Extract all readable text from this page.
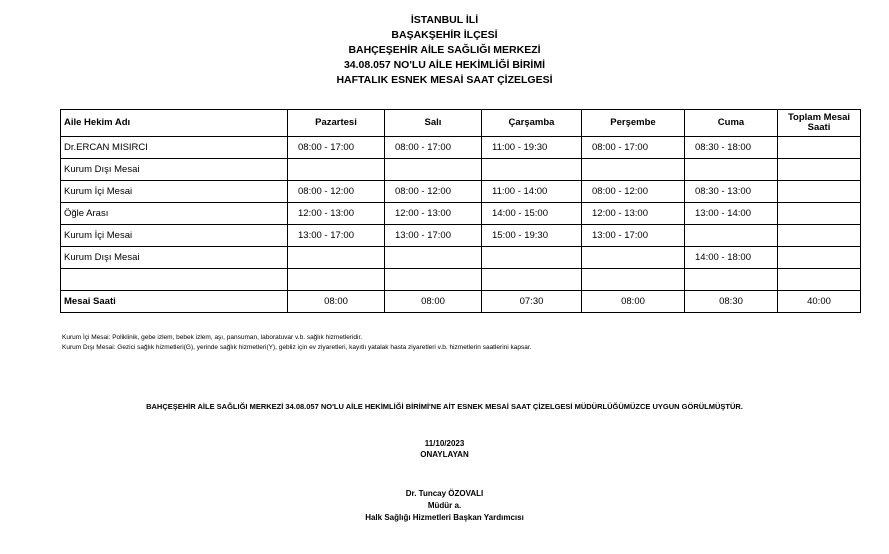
İSTANBUL İLİ
BAŞAKŞEHİR İLÇESİ
BAHÇEŞEHİR AİLE SAĞLIĞI MERKEZİ
34.08.057 NO'LU AİLE HEKİMLİĞİ BİRİMİ
HAFTALIK ESNEK MESAİ SAAT ÇİZELGESİ
Aile Hekim Adı	Pazartesi	Salı	Çarşamba	Perşembe	Cuma	Toplam Mesai Saati
Dr.ERCAN MISIRCI	08:00 - 17:00	08:00 - 17:00	11:00 - 19:30	08:00 - 17:00	08:30 - 18:00	
Kurum Dışı Mesai						
Kurum İçi Mesai	08:00 - 12:00	08:00 - 12:00	11:00 - 14:00	08:00 - 12:00	08:30 - 13:00	
Öğle Arası	12:00 - 13:00	12:00 - 13:00	14:00 - 15:00	12:00 - 13:00	13:00 - 14:00	
Kurum İçi Mesai	13:00 - 17:00	13:00 - 17:00	15:00 - 19:30	13:00 - 17:00		
Kurum Dışı Mesai					14:00 - 18:00	

Mesai Saati	08:00	08:00	07:30	08:00	08:30	40:00
Kurum İçi Mesai: Poliklinik, gebe izlem, bebek izlem, aşı, pansuman, laboratuvar v.b. sağlık hizmetleridir.
Kurum Dışı Mesai: Gezici sağlık hizmetleri(G), yerinde sağlık hizmetleri(Y), gebliz için ev ziyaretleri, kayıtlı yatalak hasta ziyaretleri v.b. hizmetlerin saatlerini kapsar.
BAHÇEŞEHİR AİLE SAĞLIĞI MERKEZİ 34.08.057 NO'LU AİLE HEKİMLİĞİ BİRİMİ'NE AİT ESNEK MESAİ SAAT ÇİZELGESİ MÜDÜRLÜĞÜMÜZCE UYGUN GÖRÜLMÜŞTÜR.
11/10/2023
ONAYLAYAN
Dr. Tuncay ÖZOVALI
Müdür a.
Halk Sağlığı Hizmetleri Başkan Yardımcısı
